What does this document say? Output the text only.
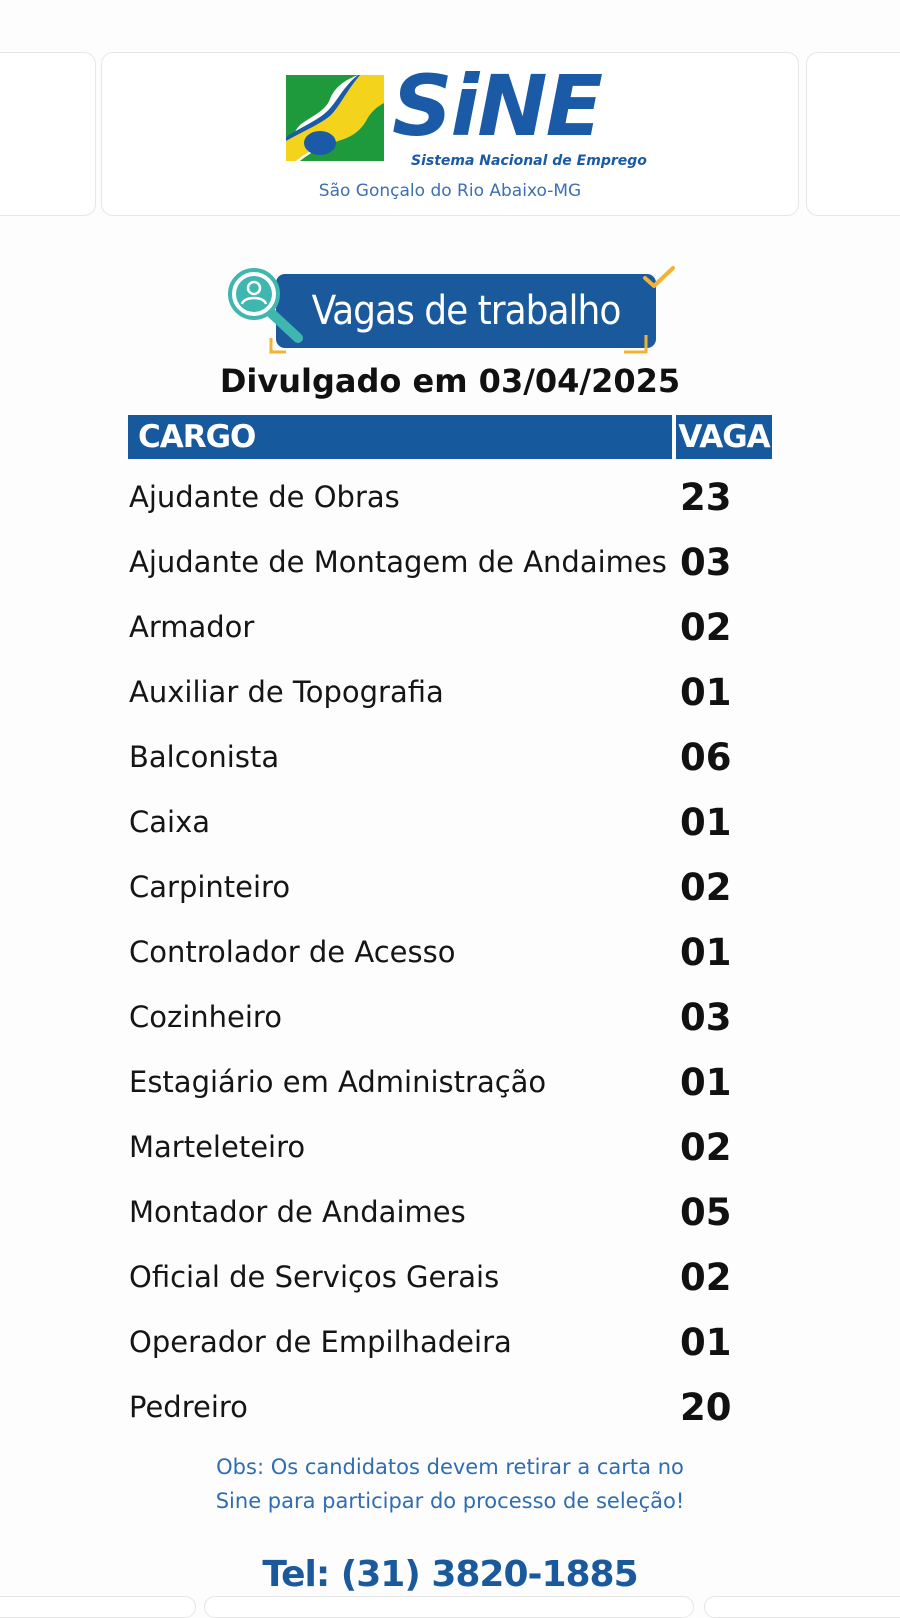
SiNE
Sistema Nacional de Emprego
São Gonçalo do Rio Abaixo-MG
Vagas de trabalho
Divulgado em 03/04/2025
CARGO	VAGA
Ajudante de Obras	23
Ajudante de Montagem de Andaimes 03
Armador	02
Auxiliar de Topografia	01
Balconista	06
Caixa	01
Carpinteiro	02
Controlador de Acesso	01
Cozinheiro	03
Estagiário em Administração	01
Marteleteiro	02
Montador de Andaimes	05
Oficial de Serviços Gerais	02
Operador de Empilhadeira	01
Pedreiro	20
Obs: Os candidatos devem retirar a carta no
Sine para participar do processo de seleção!
Tel: (31) 3820-1885
